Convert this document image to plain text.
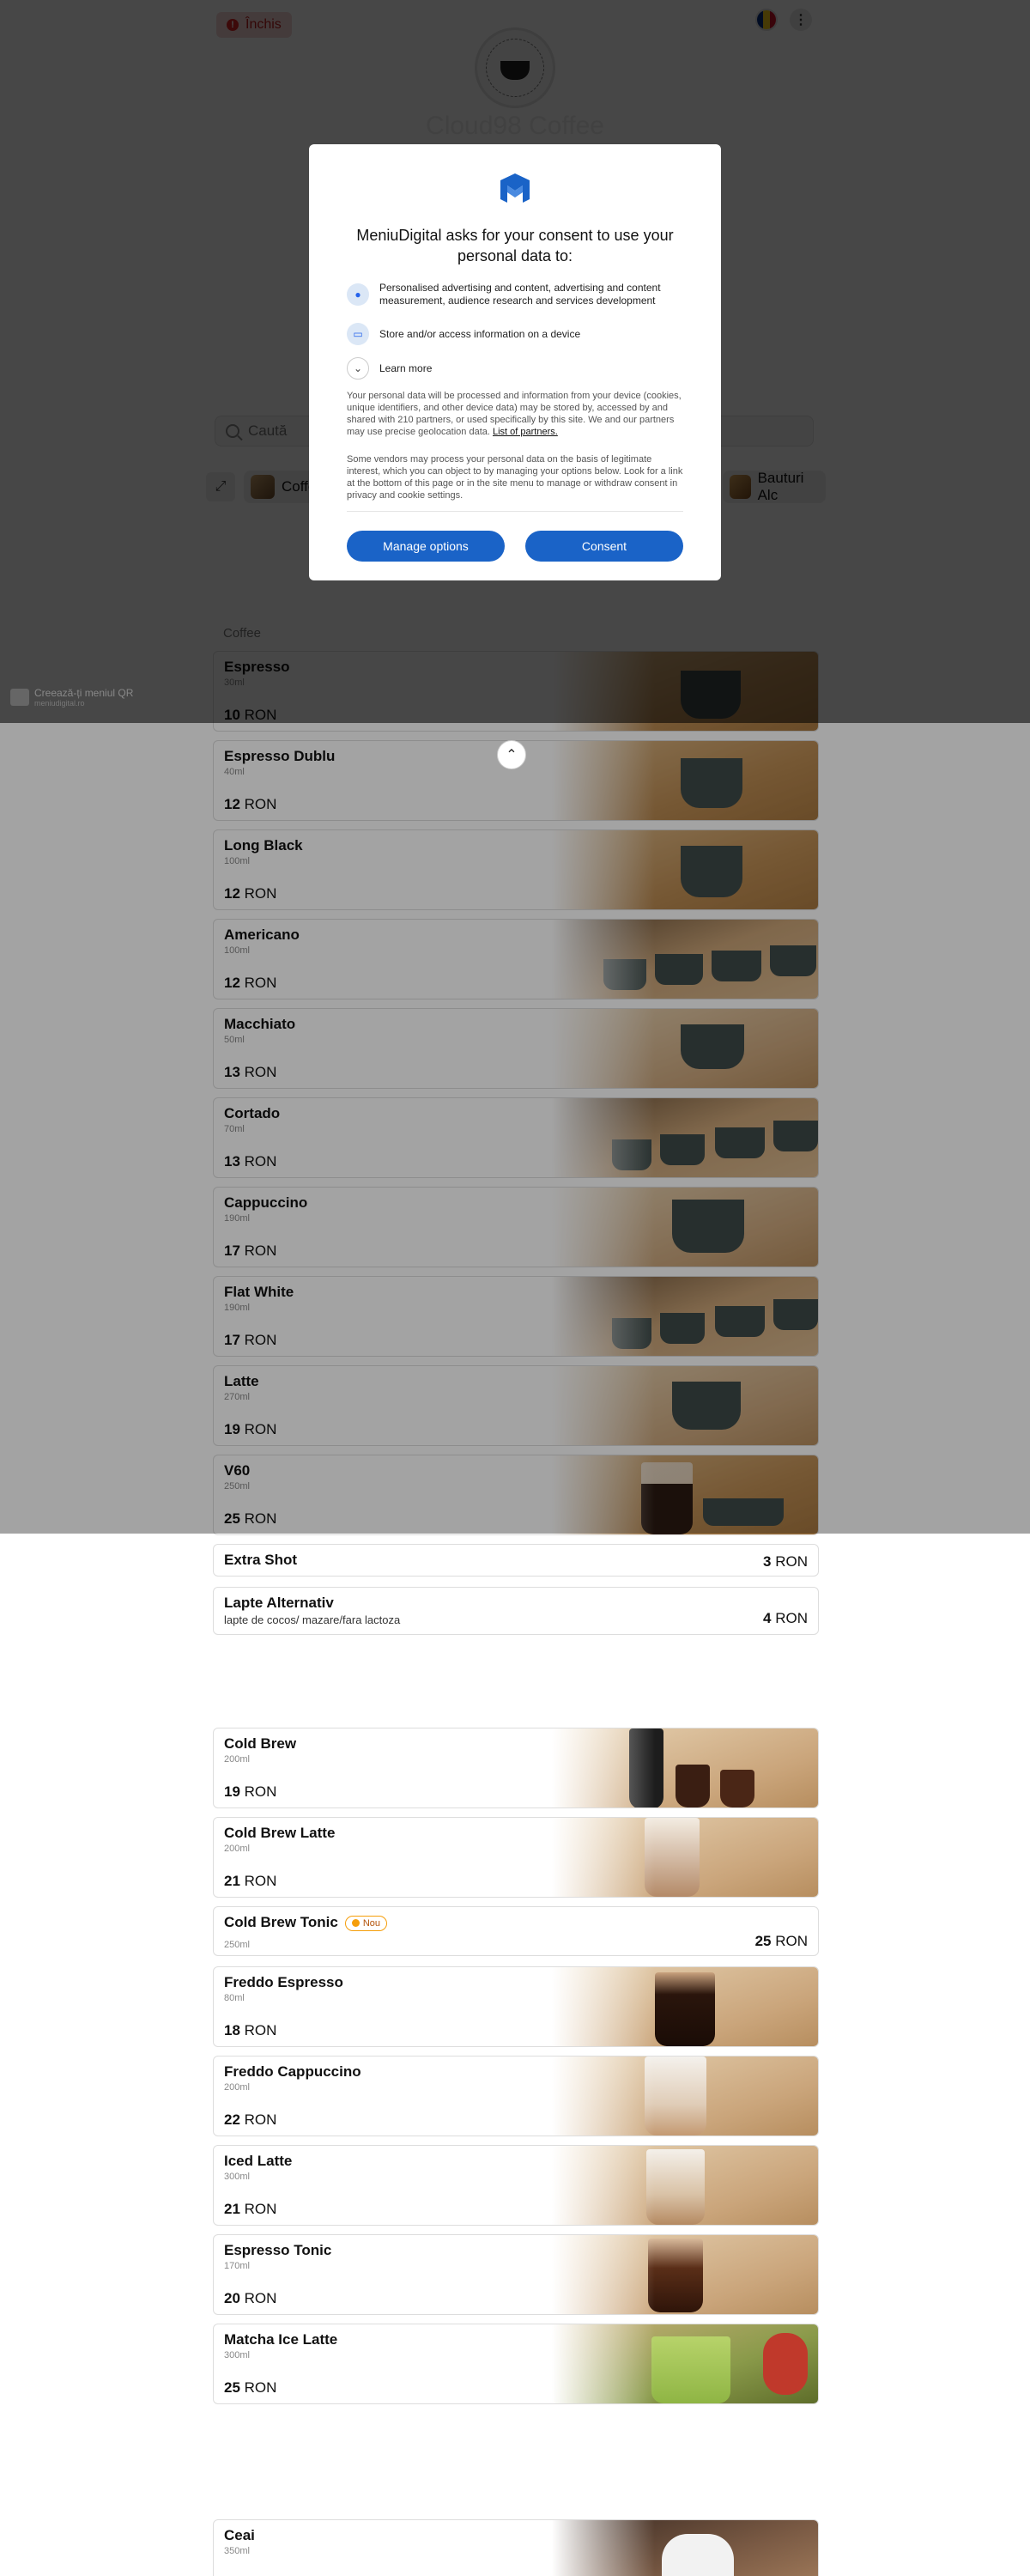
Caută
Espresso Dublu
40ml
12 RON
Long Black
100ml
12 RON
Americano
100ml
12 RON
Macchiato
50ml
13 RON
Cortado
70ml
13 RON
Cappuccino
190ml
17 RON
Flat White
190ml
17 RON
Latte
270ml
19 RON
V60
250ml
25 RON
Extra Shot	3 RON
Lapte Alternativ
lapte de cocos/ mazare/fara lactoza	4 RON
Cold Brew
200ml
19 RON
Cold Brew Latte
200ml
21 RON
Cold Brew Tonic	Nou
250ml	25 RON
Freddo Espresso
80ml
18 RON
Freddo Cappuccino
200ml
22 RON
Iced Latte
300ml
21 RON
Espresso Tonic
170ml
20 RON
Matcha Ice Latte
300ml
25 RON
Ceai
350ml
⌃
Creează-ți meniul QR
meniudigital.ro
MeniuDigital asks for your consent to use your personal data to:
●
Personalised advertising and content, advertising and content measurement, audience research and services development
▭	Store and/or access information on a device
⌄	Learn more

Your personal data will be processed and information from your device (cookies, unique identifiers, and other device data) may be stored by, accessed by and shared with 210 partners, or used specifically by this site. We and our partners may use precise geolocation data. List of partners.

Some vendors may process your personal data on the basis of legitimate interest, which you can object to by managing your options below. Look for a link at the bottom of this page or in the site menu to manage or withdraw consent in privacy and cookie settings.

Manage options	Consent
